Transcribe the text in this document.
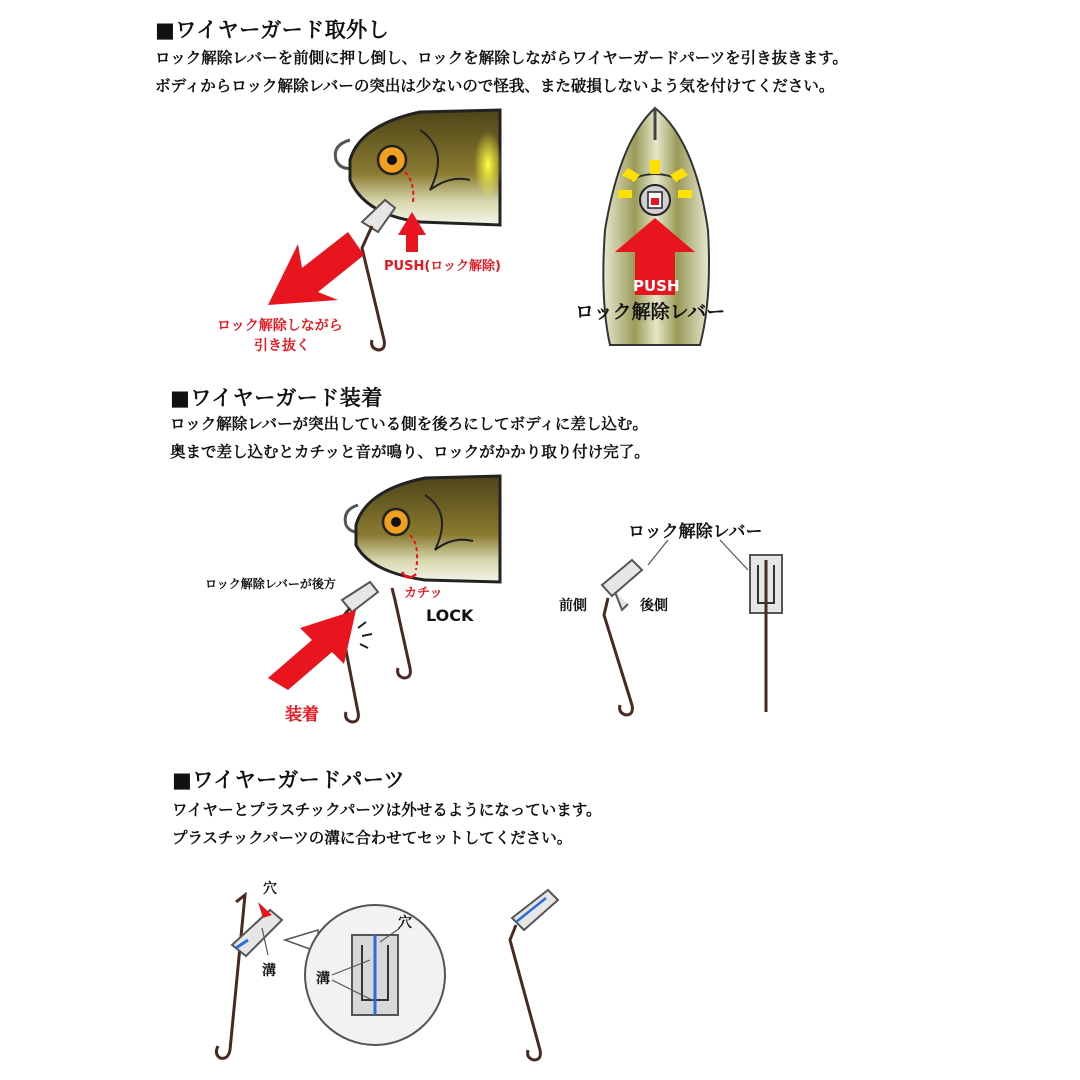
■ワイヤーガード取外し
ロック解除レバーを前側に押し倒し、ロックを解除しながらワイヤーガードパーツを引き抜きます。
ボディからロック解除レバーの突出は少ないので怪我、また破損しないよう気を付けてください。
■ワイヤーガード装着
ロック解除レバーが突出している側を後ろにしてボディに差し込む。
奥まで差し込むとカチッと音が鳴り、ロックがかかり取り付け完了。
■ワイヤーガードパーツ
ワイヤーとプラスチックパーツは外せるようになっています。
プラスチックパーツの溝に合わせてセットしてください。
PUSH(ロック解除)
ロック解除しながら
引き抜く
PUSH
ロック解除レバー
ロック解除レバーが後方
カチッ
LOCK
装着
ロック解除レバー
前側	後側
穴
溝
穴
溝
